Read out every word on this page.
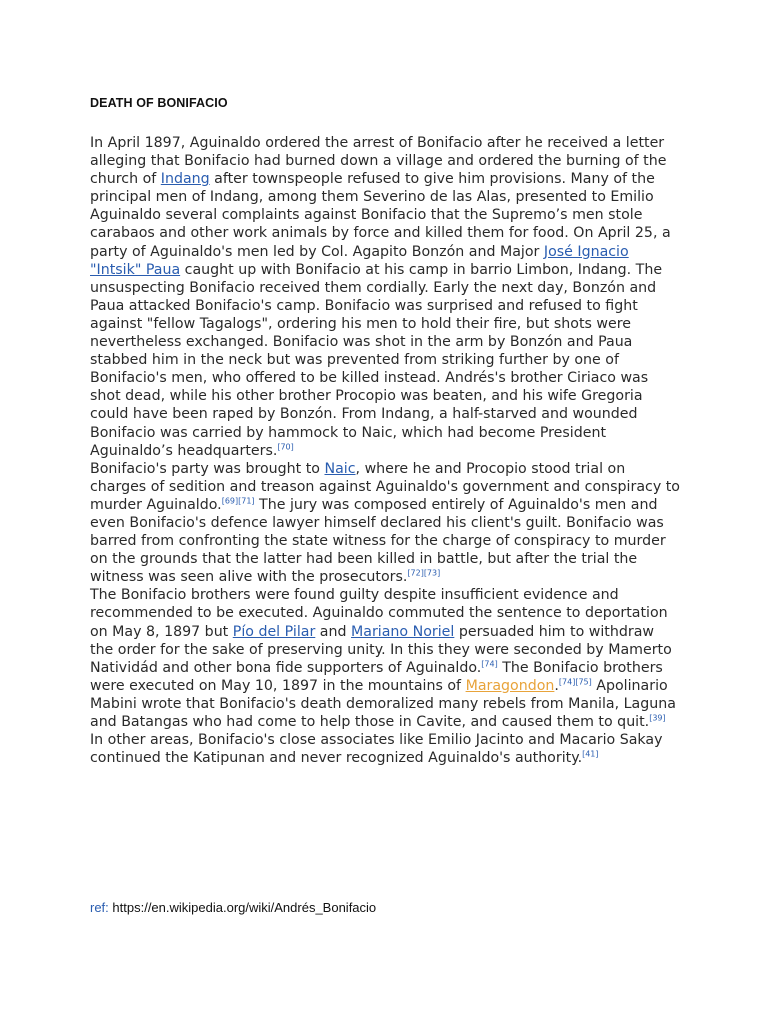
DEATH OF BONIFACIO

In April 1897, Aguinaldo ordered the arrest of Bonifacio after he received a letter alleging that Bonifacio had burned down a village and ordered the burning of the church of Indang after townspeople refused to give him provisions. Many of the principal men of Indang, among them Severino de las Alas, presented to Emilio Aguinaldo several complaints against Bonifacio that the Supremo’s men stole carabaos and other work animals by force and killed them for food. On April 25, a party of Aguinaldo's men led by Col. Agapito Bonzón and Major José Ignacio "Intsik" Paua caught up with Bonifacio at his camp in barrio Limbon, Indang. The unsuspecting Bonifacio received them cordially. Early the next day, Bonzón and Paua attacked Bonifacio's camp. Bonifacio was surprised and refused to fight against "fellow Tagalogs", ordering his men to hold their fire, but shots were nevertheless exchanged. Bonifacio was shot in the arm by Bonzón and Paua stabbed him in the neck but was prevented from striking further by one of Bonifacio's men, who offered to be killed instead. Andrés's brother Ciriaco was shot dead, while his other brother Procopio was beaten, and his wife Gregoria could have been raped by Bonzón. From Indang, a half-starved and wounded Bonifacio was carried by hammock to Naic, which had become President Aguinaldo’s headquarters.[70]

Bonifacio's party was brought to Naic, where he and Procopio stood trial on charges of sedition and treason against Aguinaldo's government and conspiracy to murder Aguinaldo.[69][71] The jury was composed entirely of Aguinaldo's men and even Bonifacio's defence lawyer himself declared his client's guilt. Bonifacio was barred from confronting the state witness for the charge of conspiracy to murder on the grounds that the latter had been killed in battle, but after the trial the witness was seen alive with the prosecutors.[72][73]

The Bonifacio brothers were found guilty despite insufficient evidence and recommended to be executed. Aguinaldo commuted the sentence to deportation on May 8, 1897 but Pío del Pilar and Mariano Noriel persuaded him to withdraw the order for the sake of preserving unity. In this they were seconded by Mamerto Natividád and other bona fide supporters of Aguinaldo.[74] The Bonifacio brothers were executed on May 10, 1897 in the mountains of Maragondon.[74][75] Apolinario Mabini wrote that Bonifacio's death demoralized many rebels from Manila, Laguna and Batangas who had come to help those in Cavite, and caused them to quit.[39] In other areas, Bonifacio's close associates like Emilio Jacinto and Macario Sakay continued the Katipunan and never recognized Aguinaldo's authority.[41]

ref: https://en.wikipedia.org/wiki/Andrés_Bonifacio
